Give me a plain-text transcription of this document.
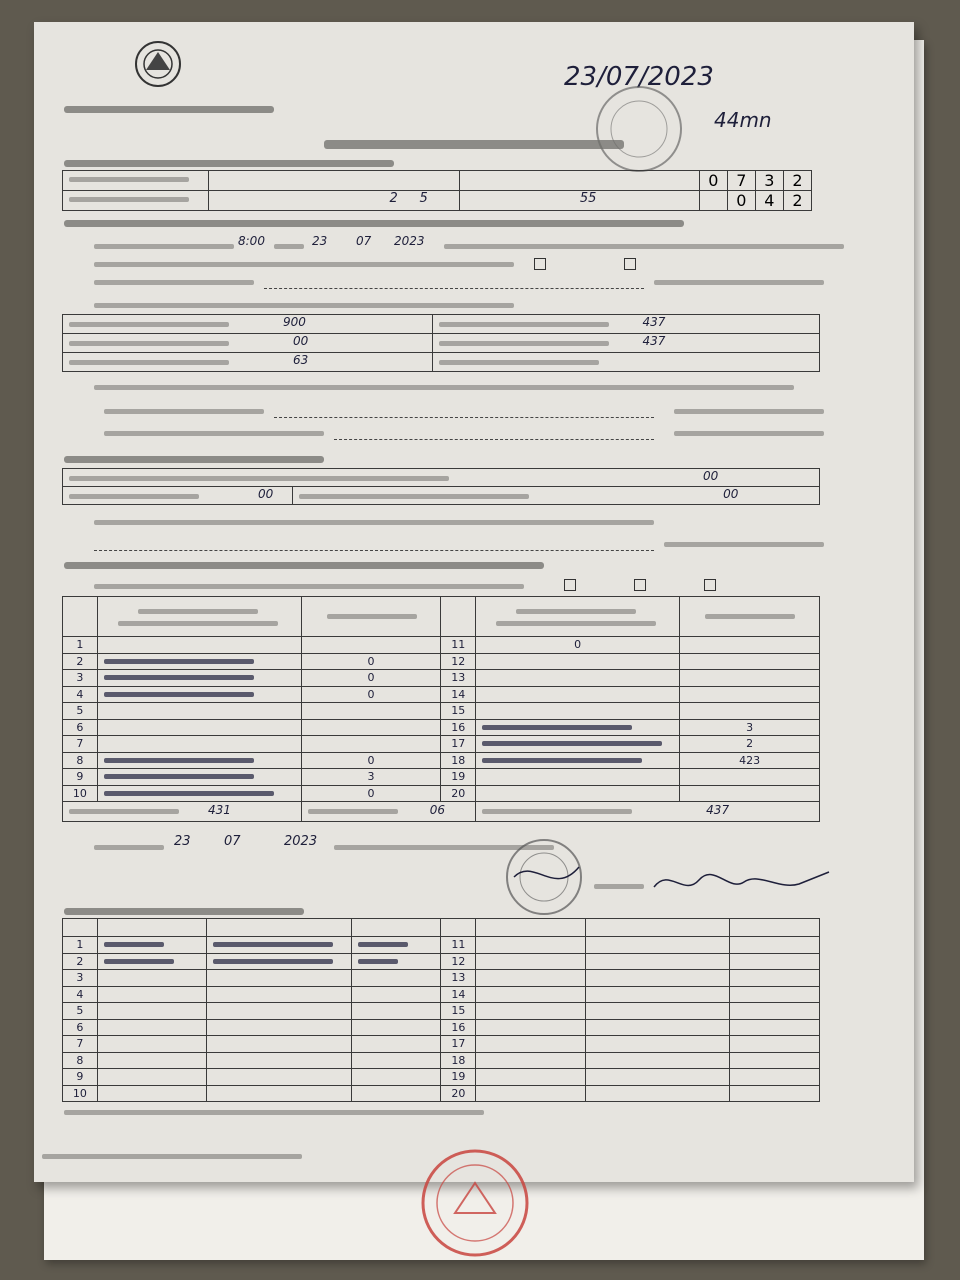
23/07/2023
44mn
			0	7	3	2

	2 5	55		0	4	2
8:00	23 07 2023
900	437

00	437

63	

00

00	00

1			11	0	
2		0	12		
3		0	13		
4		0	14		
5			15		
6			16		3
7			17		2
8		0	18		423
9		3	19		
10		0	20		

431		06		437	
23	07	2023

1				11			
2				12			
3				13			
4				14			
5				15			
6				16			
7				17			
8				18			
9				19			
10				20			
